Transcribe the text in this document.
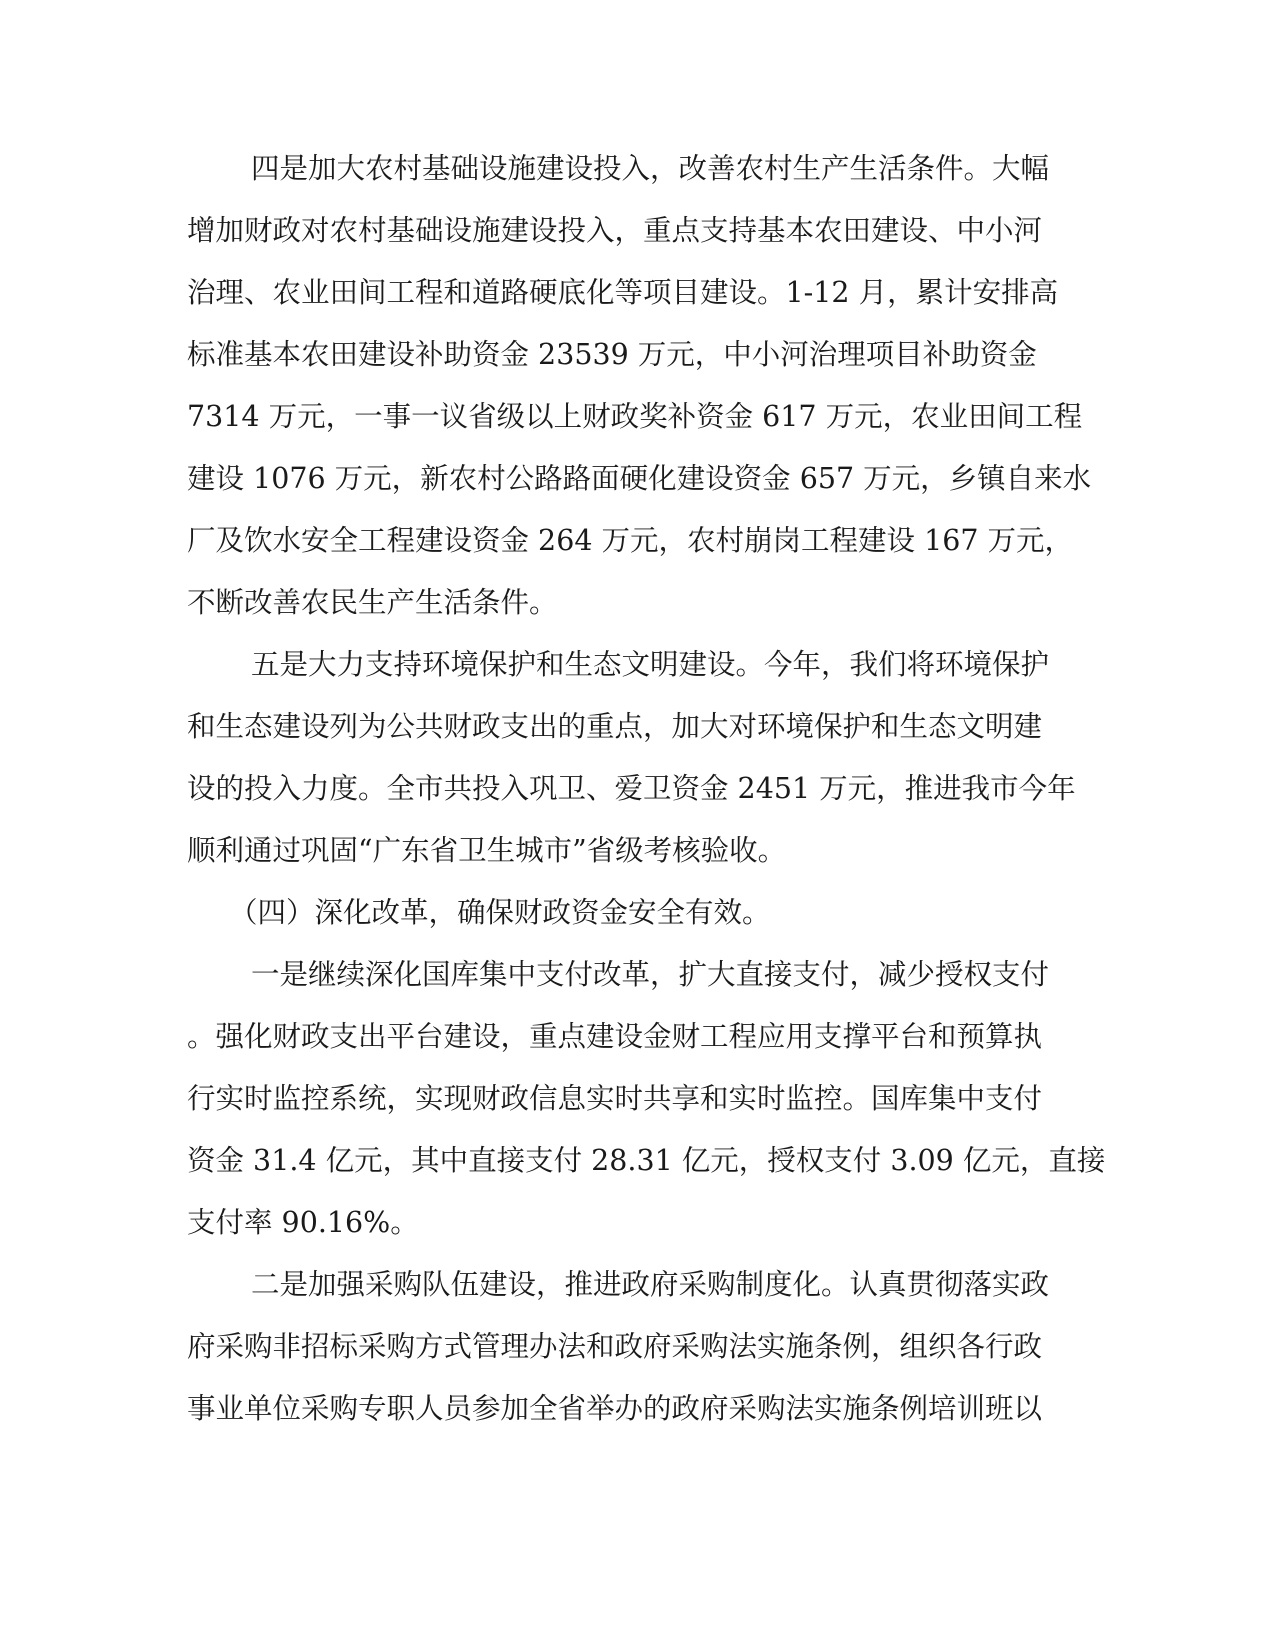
四是加大农村基础设施建设投入，改善农村生产生活条件。大幅
增加财政对农村基础设施建设投入，重点支持基本农田建设、中小河
治理、农业田间工程和道路硬底化等项目建设。1-12 月，累计安排高
标准基本农田建设补助资金 23539 万元，中小河治理项目补助资金
7314 万元，一事一议省级以上财政奖补资金 617 万元，农业田间工程
建设 1076 万元，新农村公路路面硬化建设资金 657 万元，乡镇自来水
厂及饮水安全工程建设资金 264 万元，农村崩岗工程建设 167 万元，
不断改善农民生产生活条件。
五是大力支持环境保护和生态文明建设。今年，我们将环境保护
和生态建设列为公共财政支出的重点，加大对环境保护和生态文明建
设的投入力度。全市共投入巩卫、爱卫资金 2451 万元，推进我市今年
顺利通过巩固“广东省卫生城市”省级考核验收。
（四）深化改革，确保财政资金安全有效。
一是继续深化国库集中支付改革，扩大直接支付，减少授权支付
。强化财政支出平台建设，重点建设金财工程应用支撑平台和预算执
行实时监控系统，实现财政信息实时共享和实时监控。国库集中支付
资金 31.4 亿元，其中直接支付 28.31 亿元，授权支付 3.09 亿元，直接
支付率 90.16%。
二是加强采购队伍建设，推进政府采购制度化。认真贯彻落实政
府采购非招标采购方式管理办法和政府采购法实施条例，组织各行政
事业单位采购专职人员参加全省举办的政府采购法实施条例培训班以
